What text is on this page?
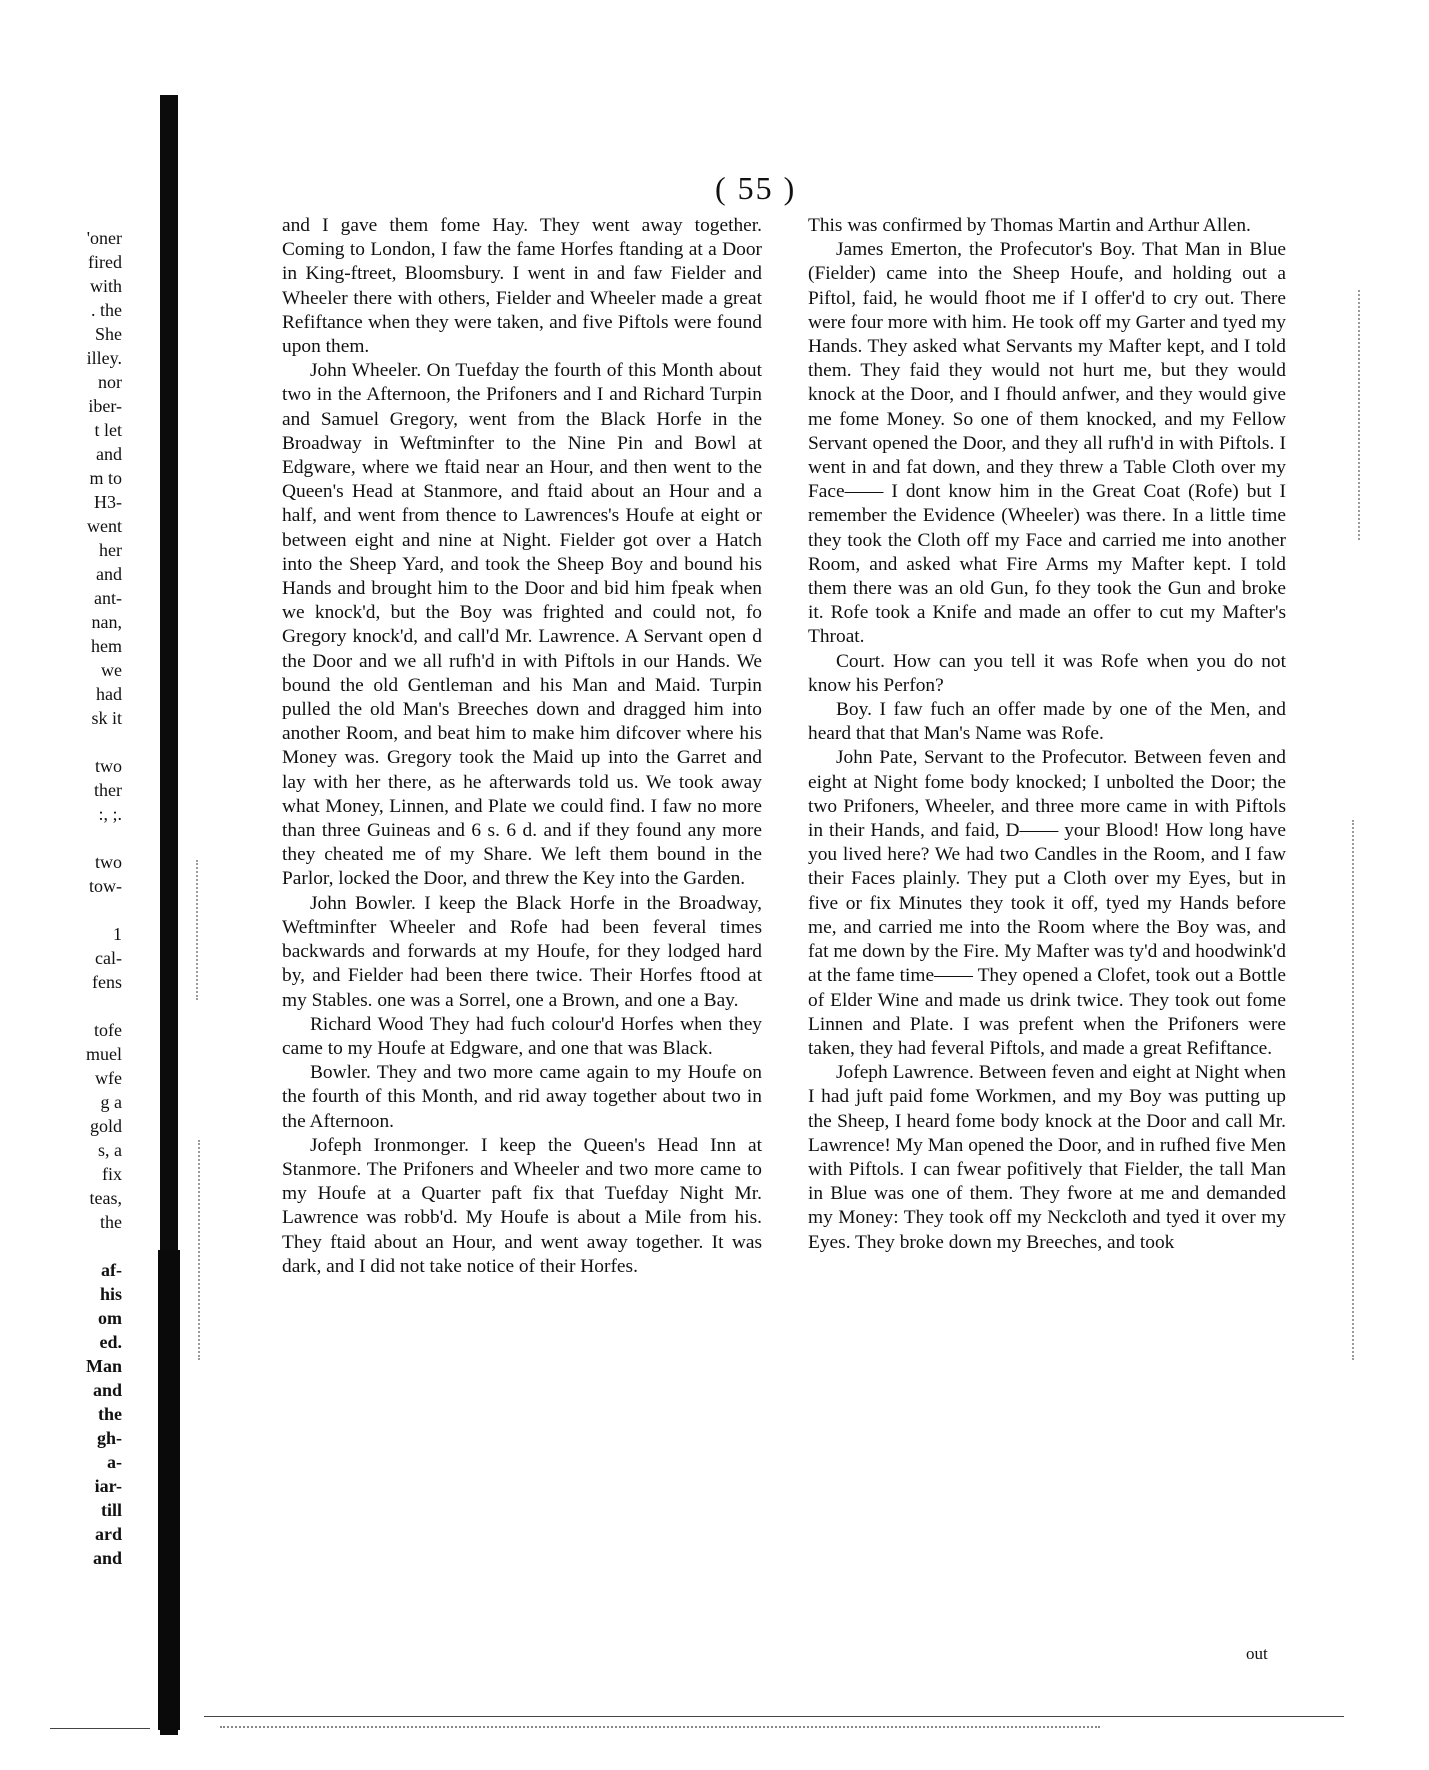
'oner
fired
with
. the
She
illey.
nor
iber-
t let
and
m to
H3-
went
her
and
ant-
nan,
hem
we
had
sk it
two
ther
:, ;.
two
tow-
1
cal-
fens
tofe
muel
wfe
g a
gold
s, a
fix
teas,
the
af-
his
om
ed.
Man
and
the
gh-
a-
iar-
till
ard
and
( 55 )

and I gave them fome Hay. They went away together. Coming to London, I faw the fame Horfes ftanding at a Door in King-ftreet, Bloomsbury. I went in and faw Fielder and Wheeler there with others, Fielder and Wheeler made a great Refiftance when they were taken, and five Piftols were found upon them.

John Wheeler. On Tuefday the fourth of this Month about two in the Afternoon, the Prifoners and I and Richard Turpin and Samuel Gregory, went from the Black Horfe in the Broadway in Weftminfter to the Nine Pin and Bowl at Edgware, where we ftaid near an Hour, and then went to the Queen's Head at Stanmore, and ftaid about an Hour and a half, and went from thence to Lawrences's Houfe at eight or between eight and nine at Night. Fielder got over a Hatch into the Sheep Yard, and took the Sheep Boy and bound his Hands and brought him to the Door and bid him fpeak when we knock'd, but the Boy was frighted and could not, fo Gregory knock'd, and call'd Mr. Lawrence. A Servant open d the Door and we all rufh'd in with Piftols in our Hands. We bound the old Gentleman and his Man and Maid. Turpin pulled the old Man's Breeches down and dragged him into another Room, and beat him to make him difcover where his Money was. Gregory took the Maid up into the Garret and lay with her there, as he afterwards told us. We took away what Money, Linnen, and Plate we could find. I faw no more than three Guineas and 6 s. 6 d. and if they found any more they cheated me of my Share. We left them bound in the Parlor, locked the Door, and threw the Key into the Garden.

John Bowler. I keep the Black Horfe in the Broadway, Weftminfter Wheeler and Rofe had been feveral times backwards and forwards at my Houfe, for they lodged hard by, and Fielder had been there twice. Their Horfes ftood at my Stables. one was a Sorrel, one a Brown, and one a Bay.

Richard Wood They had fuch colour'd Horfes when they came to my Houfe at Edgware, and one that was Black.

Bowler. They and two more came again to my Houfe on the fourth of this Month, and rid away together about two in the Afternoon.

Jofeph Ironmonger. I keep the Queen's Head Inn at Stanmore. The Prifoners and Wheeler and two more came to my Houfe at a Quarter paft fix that Tuefday Night Mr. Lawrence was robb'd. My Houfe is about a Mile from his. They ftaid about an Hour, and went away together. It was dark, and I did not take notice of their Horfes.

This was confirmed by Thomas Martin and Arthur Allen.

James Emerton, the Profecutor's Boy. That Man in Blue (Fielder) came into the Sheep Houfe, and holding out a Piftol, faid, he would fhoot me if I offer'd to cry out. There were four more with him. He took off my Garter and tyed my Hands. They asked what Servants my Mafter kept, and I told them. They faid they would not hurt me, but they would knock at the Door, and I fhould anfwer, and they would give me fome Money. So one of them knocked, and my Fellow Servant opened the Door, and they all rufh'd in with Piftols. I went in and fat down, and they threw a Table Cloth over my Face—— I dont know him in the Great Coat (Rofe) but I remember the Evidence (Wheeler) was there. In a little time they took the Cloth off my Face and carried me into another Room, and asked what Fire Arms my Mafter kept. I told them there was an old Gun, fo they took the Gun and broke it. Rofe took a Knife and made an offer to cut my Mafter's Throat.

Court. How can you tell it was Rofe when you do not know his Perfon?

Boy. I faw fuch an offer made by one of the Men, and heard that that Man's Name was Rofe.

John Pate, Servant to the Profecutor. Between feven and eight at Night fome body knocked; I unbolted the Door; the two Prifoners, Wheeler, and three more came in with Piftols in their Hands, and faid, D—— your Blood! How long have you lived here? We had two Candles in the Room, and I faw their Faces plainly. They put a Cloth over my Eyes, but in five or fix Minutes they took it off, tyed my Hands before me, and carried me into the Room where the Boy was, and fat me down by the Fire. My Mafter was ty'd and hoodwink'd at the fame time—— They opened a Clofet, took out a Bottle of Elder Wine and made us drink twice. They took out fome Linnen and Plate. I was prefent when the Prifoners were taken, they had feveral Piftols, and made a great Refiftance.

Jofeph Lawrence. Between feven and eight at Night when I had juft paid fome Workmen, and my Boy was putting up the Sheep, I heard fome body knock at the Door and call Mr. Lawrence! My Man opened the Door, and in rufhed five Men with Piftols. I can fwear pofitively that Fielder, the tall Man in Blue was one of them. They fwore at me and demanded my Money: They took off my Neckcloth and tyed it over my Eyes. They broke down my Breeches, and took

out
